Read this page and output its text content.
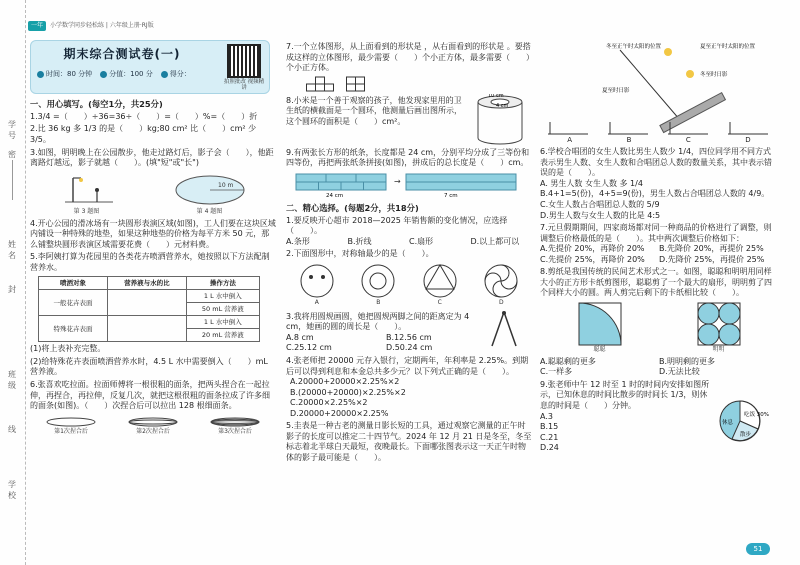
学号
密
姓名
封
班级
线
学校
一年	小学数学同步轻松练 | 六年级上册·RJ版
期末综合测试卷(一)
时间：80 分钟 分值：100 分 得分：
拍照批改 视频精讲
一、用心填写。(每空1分，共25分)
1.3/4 =（　　）÷36=36÷（　　）=（　　）%=（　　）折
2.比 36 kg 多 1/3 的是（　　）kg;80 cm² 比（　　）cm² 少 3/5。
3.如图，明明晚上在公园散步，他走过路灯后，影子会（　　），他距离路灯越远，影子就越（　　）。(填"短"或"长")
第 3 题图
10 m
第 4 题图
4.开心公园的滑冰场有一块圆形表演区域(如图)，工人们要在这块区域内铺设一种特殊的地垫，如果这种地垫的价格为每平方米 50 元，那么铺整块圆形表演区域需要花费（　　）元材料费。
5.李阿姨打算为花园里的各类花卉喷洒营养水，她按照以下方法配制营养水。
喷洒对象	营养液与水的比	操作方法
一般花卉表面		1 L 水中倒入
		50 mL 营养液
特殊花卉表面		1 L 水中倒入
		20 mL 营养液
(1)将上表补充完整。
(2)给特殊花卉表面喷洒营养水时，4.5 L 水中需要倒入（　　）mL 营养液。
6.张喜欢吃拉面。拉面师傅将一根很粗的面条，把两头捏合在一起拉伸，再捏合，再拉伸，反复几次，就把这根很粗的面条拉成了许多细的面条(如图)。（　　）次捏合后可以拉出 128 根细面条。
第1次捏合后	第2次捏合后	第3次捏合后
7.一个立体图形，从上面看到的形状是 ，从右面看到的形状是 。要搭成这样的立体图形，最少需要（　　）个小正方体，最多需要（　　）个小正方体。
8.小米是一个善于观察的孩子，他发现家里用的卫生纸的横截面是一个圆环，他测量后画出图所示，这个圆环的面积是（　　）cm²。
10 cm
4 cm
9.有两张长方形的纸条，长度都是 24 cm，分别平均分成了三等份和四等份，再把两张纸条拼接(如图)，拼成后的总长度是（　　）cm。
24 cm
→
7 cm
二、精心选择。(每题2分，共18分)
1.要反映开心超市 2018—2025 年销售额的变化情况，应选择（　　）。
A.条形	B.折线	C.扇形	D.以上都可以
2.下面图形中，对称轴最少的是（　　）。
A	B	C	D
3.我将用圆规画圆，她把圆规两脚之间的距离定为 4 cm，她画的圆的周长是（　　）。
A.8 cm	B.12.56 cm
C.25.12 cm	D.50.24 cm
4.张老师把 20000 元存入银行，定期两年，年利率是 2.25%。到期后可以得到利息和本金总共多少元？以下列式正确的是（　　）。
A.20000+20000×2.25%×2
B.(20000+20000)×2.25%×2
C.20000×2.25%×2
D.20000+20000×2.25%
5.圭表是一种古老的测量日影长短的工具，通过观察它测量的正午时影子的长度可以推定二十四节气。2024 年 12 月 21 日是冬至，冬至标志着北半球白天最短，夜晚最长。下面哪张图表示这一天正午时物体的影子最可能是（　　）。
冬至正午时太阳的位置	夏至正午时太阳的位置
冬至时日影
夏至时日影
A	B	C	D
6.学校合唱团的女生人数比男生人数少 1/4，四位同学用不同方式表示男生人数、女生人数和合唱团总人数的数量关系，其中表示错误的是（　　）。
A. 男生人数 女生人数 多 1/4
B.4+1=5(份)，4+5=9(份)，男生人数占合唱团总人数的 4/9。
C.女生人数占合唱团总人数的 5/9
D.男生人数与女生人数的比是 4:5
7.元旦假期期间，四家商场都对同一种商品的价格进行了调整，则调整后价格最低的是（　　）。其中两次调整后价格如下：
A.先提价 20%，再降价 20%	B.先降价 20%，再提价 25%
C.先提价 25%，再降价 20%	D.先降价 25%，再提价 25%
8.剪纸是我国传统的民间艺术形式之一。如图，聪聪和明明用同样大小的正方形卡纸剪图形，聪聪剪了一个最大的扇形，明明剪了四个同样大小的圆。两人剪完后剩下的卡纸相比较（　　）。
聪聪	明明
A.聪聪剩的更多	B.明明剩的更多
C.一样多	D.无法比较
9.张老师中午 12 时至 1 时的时间内安排如图所示，已知休息的时间比散步的时间长 1/3，则休息的时间是（　　）分钟。
A.3
B.15
C.21
D.24
吃饭 30%
休息
散步
51
